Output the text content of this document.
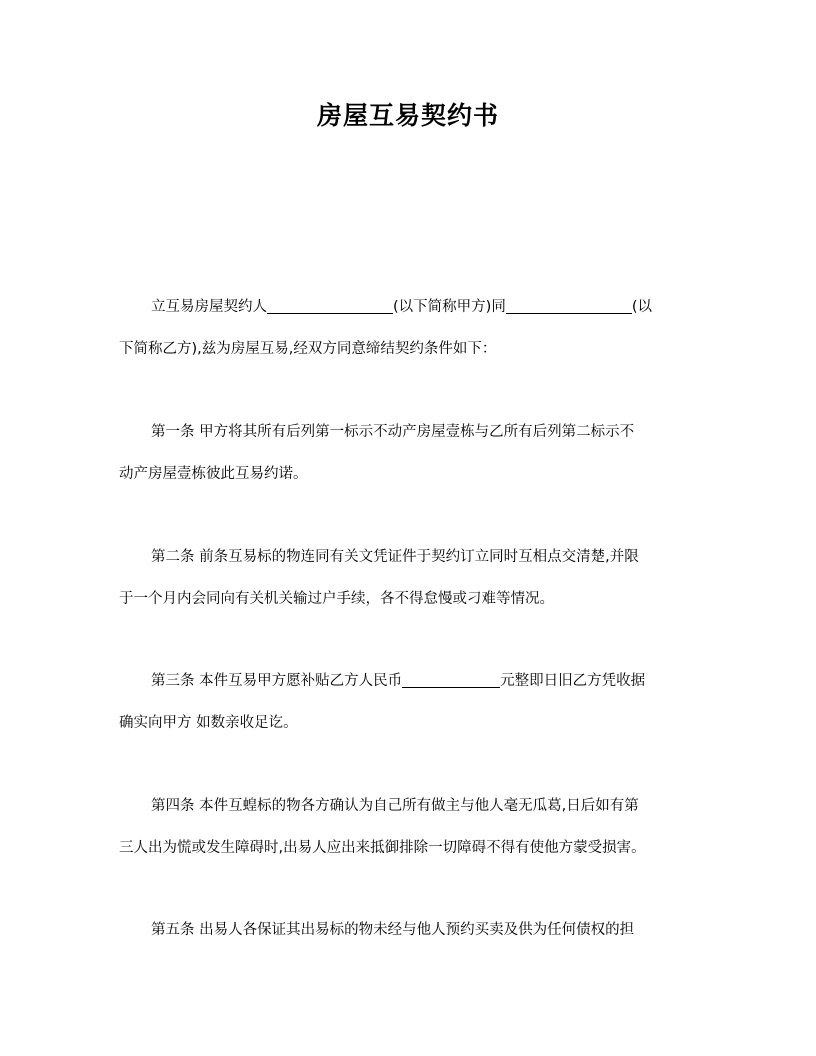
房屋互易契约书
立互易房屋契约人	(以下简称甲方)同	(以
下简称乙方),兹为房屋互易,经双方同意缔结契约条件如下：
第一条 甲方将其所有后列第一标示不动产房屋壹栋与乙所有后列第二标示不
动产房屋壹栋彼此互易约诺。
第二条 前条互易标的物连同有关文凭证件于契约订立同时互相点交清楚,并限
于一个月内会同向有关机关输过户手续，各不得怠慢或刁难等情况。
第三条 本件互易甲方愿补贴乙方人民币	元整即日旧乙方凭收据
确实向甲方 如数亲收足讫。
第四条 本件互蝗标的物各方确认为自己所有做主与他人毫无瓜葛,日后如有第
三人出为慌或发生障碍时,出易人应出来抵御排除一切障碍不得有使他方蒙受损害。
第五条 出易人各保证其出易标的物未经与他人预约买卖及供为任何债权的担
